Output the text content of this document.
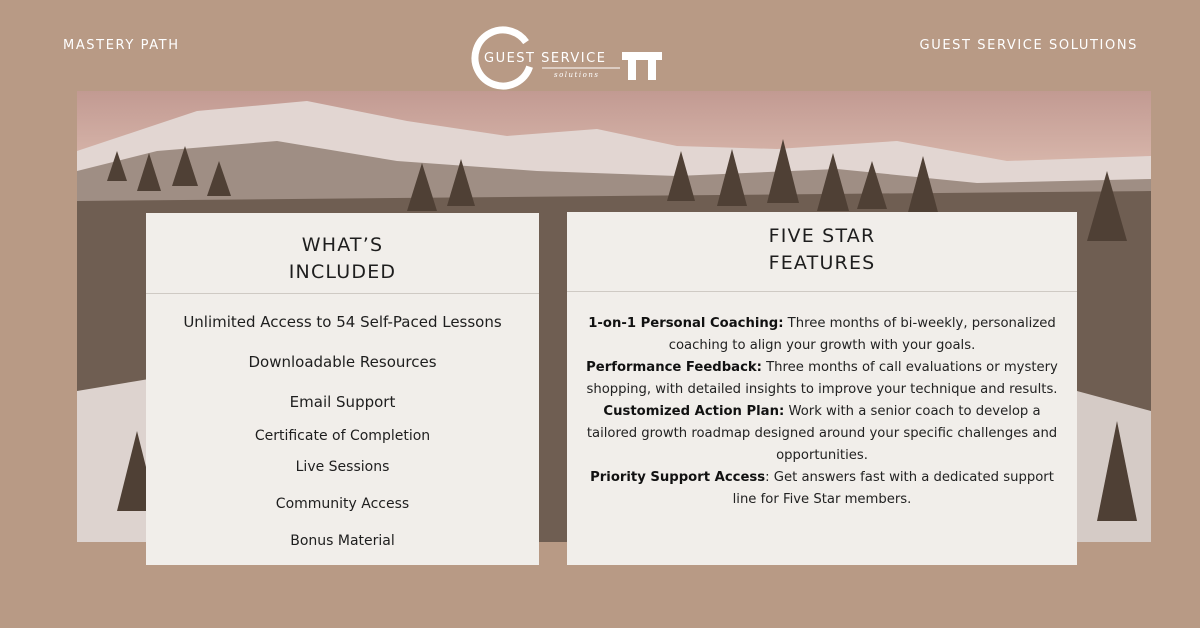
MASTERY PATH	GUEST SERVICE SOLUTIONS
GUEST SERVICE
solutions
WHAT’S
INCLUDED
Unlimited Access to 54 Self-Paced Lessons
Downloadable Resources
Email Support
Certificate of Completion
Live Sessions
Community Access
Bonus Material
FIVE STAR
FEATURES

1-on-1 Personal Coaching: Three months of bi-weekly, personalized coaching to align your growth with your goals.

Performance Feedback: Three months of call evaluations or mystery shopping, with detailed insights to improve your technique and results.

Customized Action Plan: Work with a senior coach to develop a tailored growth roadmap designed around your specific challenges and opportunities.

Priority Support Access: Get answers fast with a dedicated support line for Five Star members.
